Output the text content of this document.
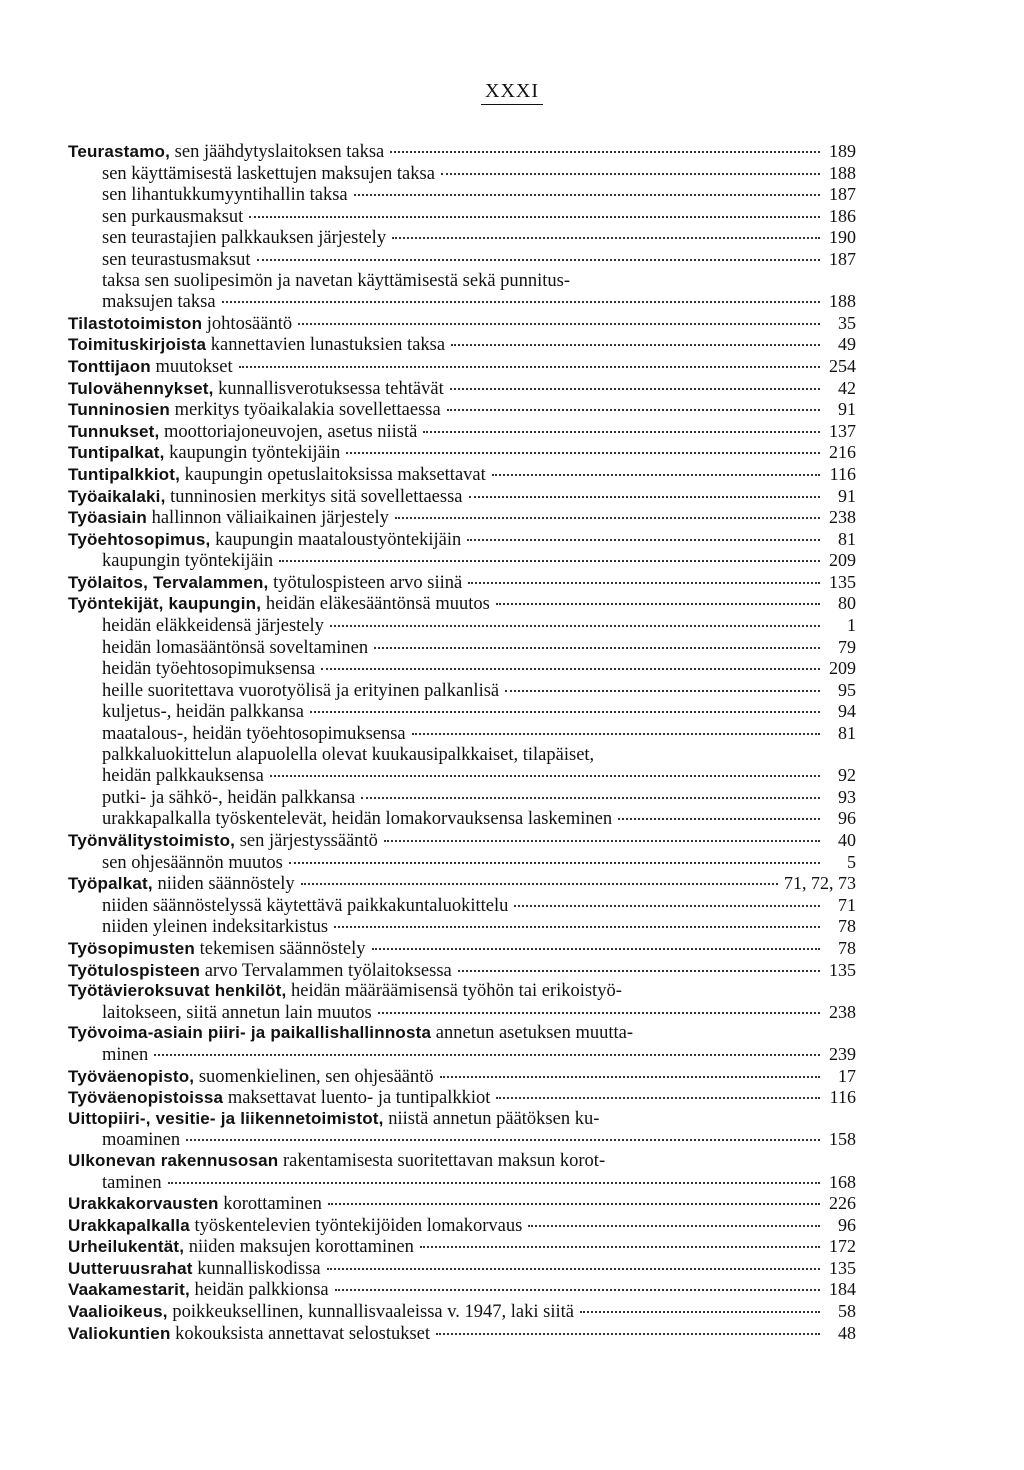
XXXI
Teurastamo, sen jäähdytyslaitoksen taksa	189
sen käyttämisestä laskettujen maksujen taksa	188
sen lihantukkumyyntihallin taksa	187
sen purkausmaksut	186
sen teurastajien palkkauksen järjestely	190
sen teurastusmaksut	187
taksa sen suolipesimön ja navetan käyttämisestä sekä punnitus-
maksujen taksa	188
Tilastotoimiston johtosääntö	35
Toimituskirjoista kannettavien lunastuksien taksa	49
Tonttijaon muutokset	254
Tulovähennykset, kunnallisverotuksessa tehtävät	42
Tunninosien merkitys työaikalakia sovellettaessa	91
Tunnukset, moottoriajoneuvojen, asetus niistä	137
Tuntipalkat, kaupungin työntekijäin	216
Tuntipalkkiot, kaupungin opetuslaitoksissa maksettavat	116
Työaikalaki, tunninosien merkitys sitä sovellettaessa	91
Työasiain hallinnon väliaikainen järjestely	238
Työehtosopimus, kaupungin maataloustyöntekijäin	81
kaupungin työntekijäin	209
Työlaitos, Tervalammen, työtulospisteen arvo siinä	135
Työntekijät, kaupungin, heidän eläkesääntönsä muutos	80
heidän eläkkeidensä järjestely	1
heidän lomasääntönsä soveltaminen	79
heidän työehtosopimuksensa	209
heille suoritettava vuorotyölisä ja erityinen palkanlisä	95
kuljetus-, heidän palkkansa	94
maatalous-, heidän työehtosopimuksensa	81
palkkaluokittelun alapuolella olevat kuukausipalkkaiset, tilapäiset,
heidän palkkauksensa	92
putki- ja sähkö-, heidän palkkansa	93
urakkapalkalla työskentelevät, heidän lomakorvauksensa laskeminen	96
Työnvälitystoimisto, sen järjestyssääntö	40
sen ohjesäännön muutos	5
Työpalkat, niiden säännöstely	71, 72, 73
niiden säännöstelyssä käytettävä paikkakuntaluokittelu	71
niiden yleinen indeksitarkistus	78
Työsopimusten tekemisen säännöstely	78
Työtulospisteen arvo Tervalammen työlaitoksessa	135
Työtävieroksuvat henkilöt, heidän määräämisensä työhön tai erikoistyö-
laitokseen, siitä annetun lain muutos	238
Työvoima-asiain piiri- ja paikallishallinnosta annetun asetuksen muutta-
minen	239
Työväenopisto, suomenkielinen, sen ohjesääntö	17
Työväenopistoissa maksettavat luento- ja tuntipalkkiot	116
Uittopiiri-, vesitie- ja liikennetoimistot, niistä annetun päätöksen ku-
moaminen	158
Ulkonevan rakennusosan rakentamisesta suoritettavan maksun korot-
taminen	168
Urakkakorvausten korottaminen	226
Urakkapalkalla työskentelevien työntekijöiden lomakorvaus	96
Urheilukentät, niiden maksujen korottaminen	172
Uutteruusrahat kunnalliskodissa	135
Vaakamestarit, heidän palkkionsa	184
Vaalioikeus, poikkeuksellinen, kunnallisvaaleissa v. 1947, laki siitä	58
Valiokuntien kokouksista annettavat selostukset	48
